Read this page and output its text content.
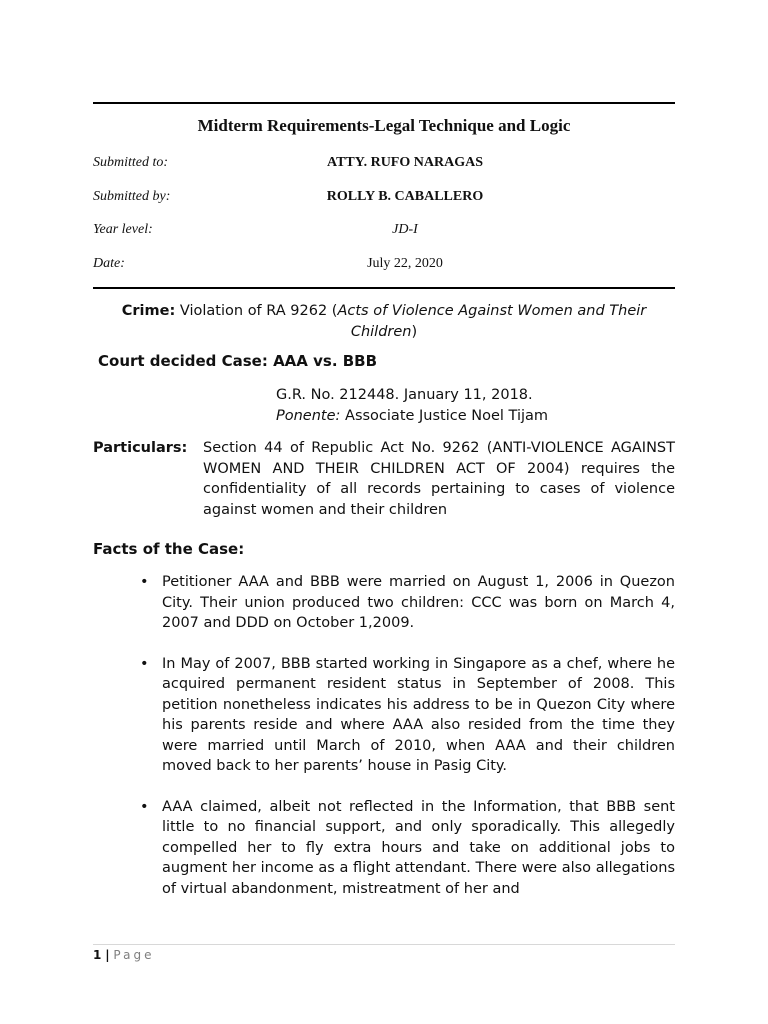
Midterm Requirements-Legal Technique and Logic
Submitted to:	ATTY. RUFO NARAGAS
Submitted by:	ROLLY B. CABALLERO
Year level:	JD-I
Date:	July 22, 2020
Crime: Violation of RA 9262 (Acts of Violence Against Women and Their Children)
Court decided Case: AAA vs. BBB
G.R. No. 212448. January 11, 2018.
Ponente: Associate Justice Noel Tijam
Particulars:	Section 44 of Republic Act No. 9262 (ANTI-VIOLENCE AGAINST WOMEN AND THEIR CHILDREN ACT OF 2004) requires the confidentiality of all records pertaining to cases of violence against women and their children
Facts of the Case:
• Petitioner AAA and BBB were married on August 1, 2006 in Quezon City. Their union produced two children: CCC was born on March 4, 2007 and DDD on October 1,2009.
• In May of 2007, BBB started working in Singapore as a chef, where he acquired permanent resident status in September of 2008. This petition nonetheless indicates his address to be in Quezon City where his parents reside and where AAA also resided from the time they were married until March of 2010, when AAA and their children moved back to her parents’ house in Pasig City.
• AAA claimed, albeit not reflected in the Information, that BBB sent little to no financial support, and only sporadically. This allegedly compelled her to fly extra hours and take on additional jobs to augment her income as a flight attendant. There were also allegations of virtual abandonment, mistreatment of her and
1 | Page
